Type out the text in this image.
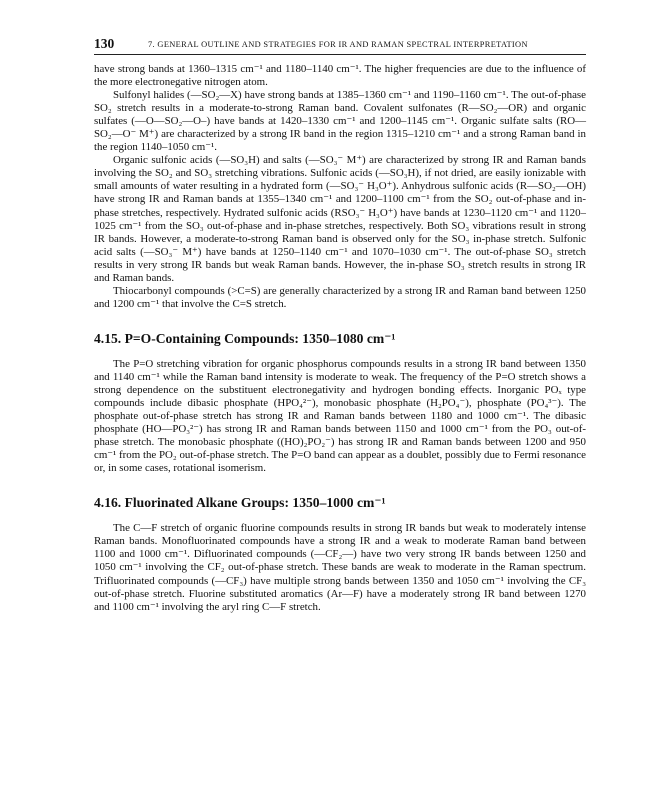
130	7. GENERAL OUTLINE AND STRATEGIES FOR IR AND RAMAN SPECTRAL INTERPRETATION

have strong bands at 1360–1315 cm⁻¹ and 1180–1140 cm⁻¹. The higher frequencies are due to the influence of the more electronegative nitrogen atom.

Sulfonyl halides (—SO₂—X) have strong bands at 1385–1360 cm⁻¹ and 1190–1160 cm⁻¹. The out-of-phase SO₂ stretch results in a moderate-to-strong Raman band. Covalent sulfonates (R—SO₂—OR) and organic sulfates (—O—SO₂—O–) have bands at 1420–1330 cm⁻¹ and 1200–1145 cm⁻¹. Organic sulfate salts (RO—SO₂—O⁻ M⁺) are characterized by a strong IR band in the region 1315–1210 cm⁻¹ and a strong Raman band in the region 1140–1050 cm⁻¹.

Organic sulfonic acids (—SO₃H) and salts (—SO₃⁻ M⁺) are characterized by strong IR and Raman bands involving the SO₂ and SO₃ stretching vibrations. Sulfonic acids (—SO₃H), if not dried, are easily ionizable with small amounts of water resulting in a hydrated form (—SO₃⁻ H₃O⁺). Anhydrous sulfonic acids (R—SO₂—OH) have strong IR and Raman bands at 1355–1340 cm⁻¹ and 1200–1100 cm⁻¹ from the SO₂ out-of-phase and in-phase stretches, respectively. Hydrated sulfonic acids (RSO₃⁻ H₃O⁺) have bands at 1230–1120 cm⁻¹ and 1120–1025 cm⁻¹ from the SO₃ out-of-phase and in-phase stretches, respectively. Both SO₃ vibrations result in strong IR bands. However, a moderate-to-strong Raman band is observed only for the SO₃ in-phase stretch. Sulfonic acid salts (—SO₃⁻ M⁺) have bands at 1250–1140 cm⁻¹ and 1070–1030 cm⁻¹. The out-of-phase SO₃ stretch results in very strong IR bands but weak Raman bands. However, the in-phase SO₃ stretch results in strong IR and Raman bands.

Thiocarbonyl compounds (>C=S) are generally characterized by a strong IR and Raman band between 1250 and 1200 cm⁻¹ that involve the C=S stretch.

4.15. P=O-Containing Compounds: 1350–1080 cm⁻¹

The P=O stretching vibration for organic phosphorus compounds results in a strong IR band between 1350 and 1140 cm⁻¹ while the Raman band intensity is moderate to weak. The frequency of the P=O stretch shows a strong dependence on the substituent electronegativity and hydrogen bonding effects. Inorganic POₓ type compounds include dibasic phosphate (HPO₄²⁻), monobasic phosphate (H₂PO₄⁻), phosphate (PO₄³⁻). The phosphate out-of-phase stretch has strong IR and Raman bands between 1180 and 1000 cm⁻¹. The dibasic phosphate (HO—PO₃²⁻) has strong IR and Raman bands between 1150 and 1000 cm⁻¹ from the PO₃ out-of-phase stretch. The monobasic phosphate ((HO)₂PO₂⁻) has strong IR and Raman bands between 1200 and 950 cm⁻¹ from the PO₂ out-of-phase stretch. The P=O band can appear as a doublet, possibly due to Fermi resonance or, in some cases, rotational isomerism.

4.16. Fluorinated Alkane Groups: 1350–1000 cm⁻¹

The C—F stretch of organic fluorine compounds results in strong IR bands but weak to moderately intense Raman bands. Monofluorinated compounds have a strong IR and a weak to moderate Raman band between 1100 and 1000 cm⁻¹. Difluorinated compounds (—CF₂—) have two very strong IR bands between 1250 and 1050 cm⁻¹ involving the CF₂ out-of-phase stretch. These bands are weak to moderate in the Raman spectrum. Trifluorinated compounds (—CF₃) have multiple strong bands between 1350 and 1050 cm⁻¹ involving the CF₃ out-of-phase stretch. Fluorine substituted aromatics (Ar—F) have a moderately strong IR band between 1270 and 1100 cm⁻¹ involving the aryl ring C—F stretch.
